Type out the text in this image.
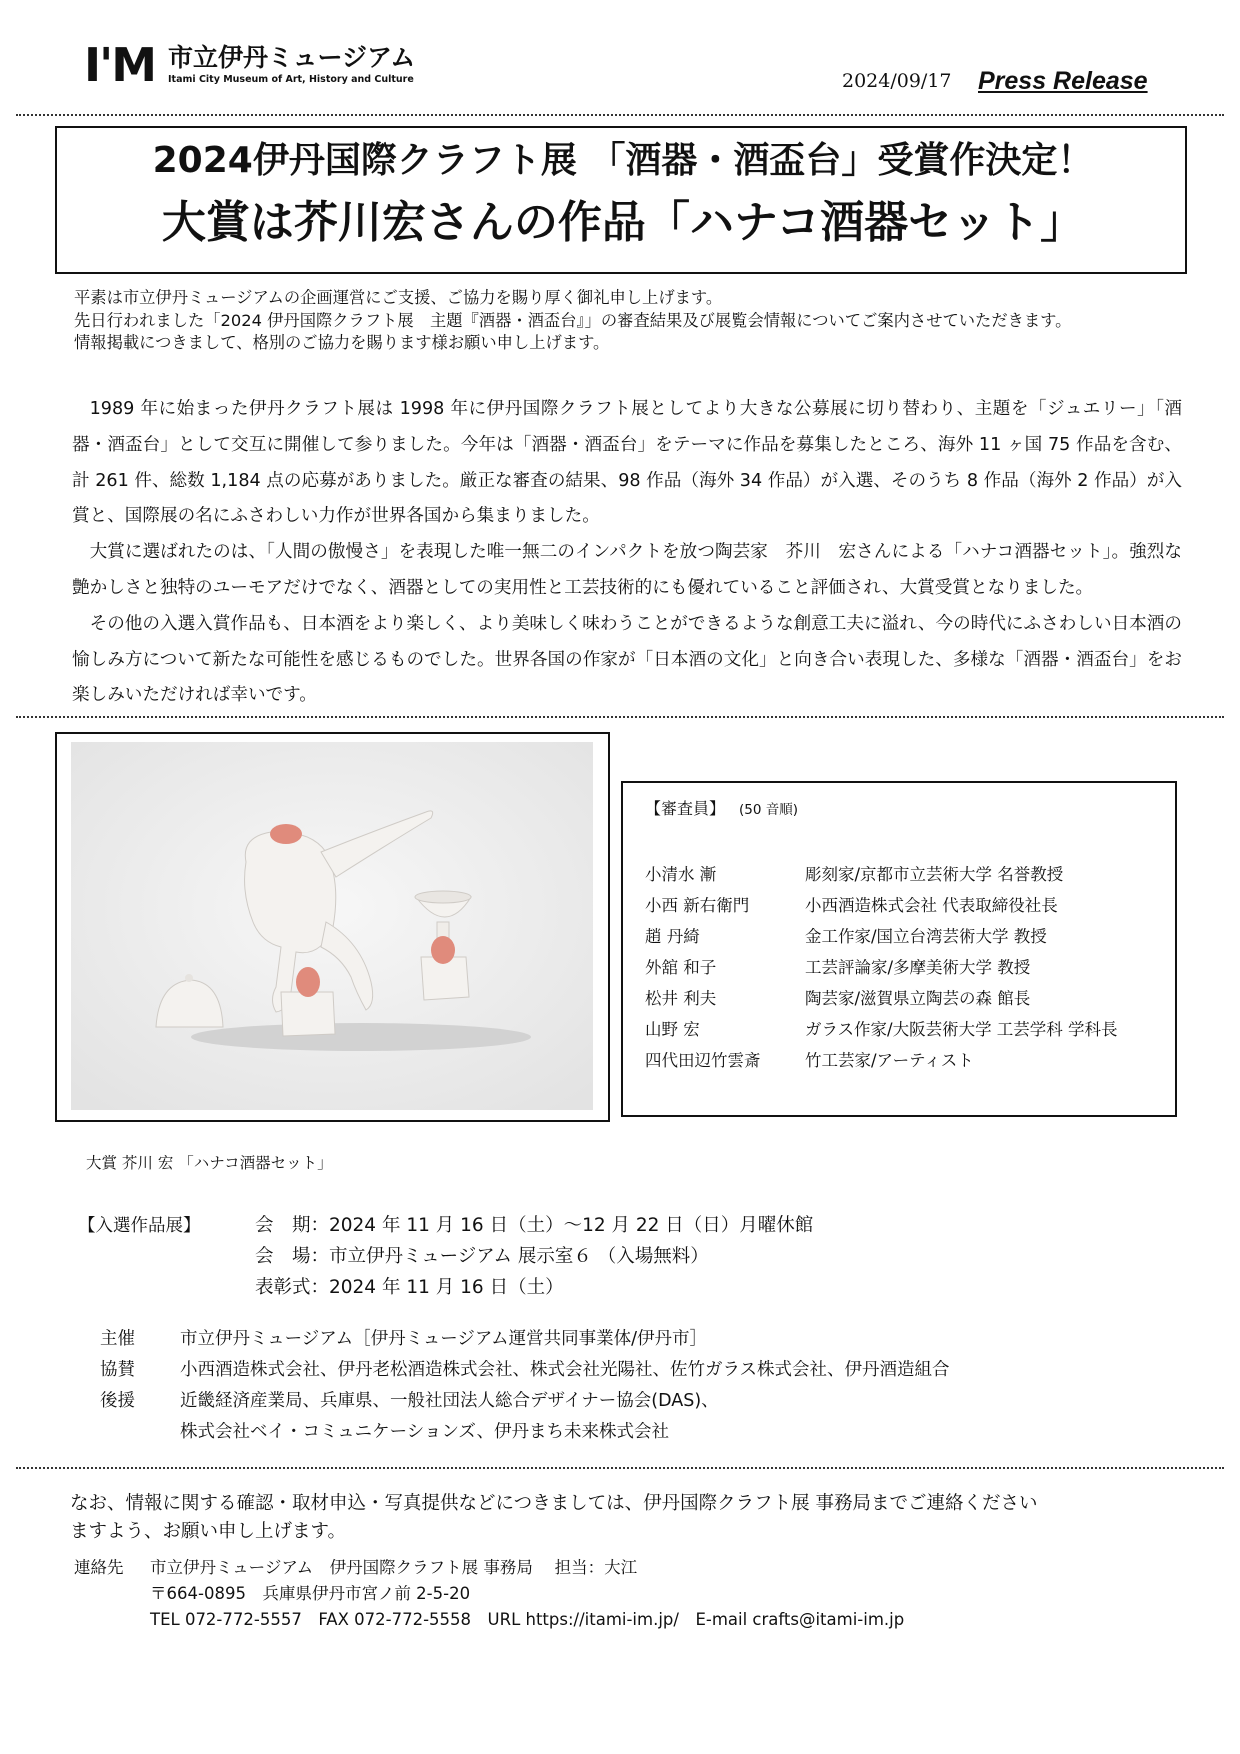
I'M 市立伊丹ミュージアム
Itami City Museum of Art, History and Culture	2024/09/17 Press Release
2024伊丹国際クラフト展 「酒器・酒盃台」受賞作決定！
大賞は芥川宏さんの作品「ハナコ酒器セット」
平素は市立伊丹ミュージアムの企画運営にご支援、ご協力を賜り厚く御礼申し上げます。
先日行われました「2024 伊丹国際クラフト展　主題『酒器・酒盃台』」の審査結果及び展覧会情報についてご案内させていただきます。
情報掲載につきまして、格別のご協力を賜ります様お願い申し上げます。

1989 年に始まった伊丹クラフト展は 1998 年に伊丹国際クラフト展としてより大きな公募展に切り替わり、主題を「ジュエリー」「酒器・酒盃台」として交互に開催して参りました。今年は「酒器・酒盃台」をテーマに作品を募集したところ、海外 11 ヶ国 75 作品を含む、計 261 件、総数 1,184 点の応募がありました。厳正な審査の結果、98 作品（海外 34 作品）が入選、そのうち 8 作品（海外 2 作品）が入賞と、国際展の名にふさわしい力作が世界各国から集まりました。

大賞に選ばれたのは、「人間の傲慢さ」を表現した唯一無二のインパクトを放つ陶芸家　芥川　宏さんによる「ハナコ酒器セット」。強烈な艶かしさと独特のユーモアだけでなく、酒器としての実用性と工芸技術的にも優れていること評価され、大賞受賞となりました。

その他の入選入賞作品も、日本酒をより楽しく、より美味しく味わうことができるような創意工夫に溢れ、今の時代にふさわしい日本酒の愉しみ方について新たな可能性を感じるものでした。世界各国の作家が「日本酒の文化」と向き合い表現した、多様な「酒器・酒盃台」をお楽しみいただければ幸いです。

【審査員】 (50 音順)
小清水 漸	彫刻家/京都市立芸術大学 名誉教授
小西 新右衛門	小西酒造株式会社 代表取締役社長
趙 丹綺	金工作家/国立台湾芸術大学 教授
外舘 和子	工芸評論家/多摩美術大学 教授
松井 利夫	陶芸家/滋賀県立陶芸の森 館長
山野 宏	ガラス作家/大阪芸術大学 工芸学科 学科長
四代田辺竹雲斎	竹工芸家/アーティスト
大賞 芥川 宏 「ハナコ酒器セット」
【入選作品展】	会　期：2024 年 11 月 16 日（土）～12 月 22 日（日）月曜休館
会　場：市立伊丹ミュージアム 展示室６ （入場無料）
表彰式：2024 年 11 月 16 日（土）
主催	市立伊丹ミュージアム［伊丹ミュージアム運営共同事業体/伊丹市］
協賛	小西酒造株式会社、伊丹老松酒造株式会社、株式会社光陽社、佐竹ガラス株式会社、伊丹酒造組合
後援	近畿経済産業局、兵庫県、一般社団法人総合デザイナー協会(DAS)、
株式会社ベイ・コミュニケーションズ、伊丹まち未来株式会社
なお、情報に関する確認・取材申込・写真提供などにつきましては、伊丹国際クラフト展 事務局までご連絡ください
ますよう、お願い申し上げます。
連絡先 市立伊丹ミュージアム　伊丹国際クラフト展 事務局　 担当：大江
〒664-0895　兵庫県伊丹市宮ノ前 2-5-20
TEL 072-772-5557　FAX 072-772-5558　URL https://itami-im.jp/　E-mail crafts@itami-im.jp
